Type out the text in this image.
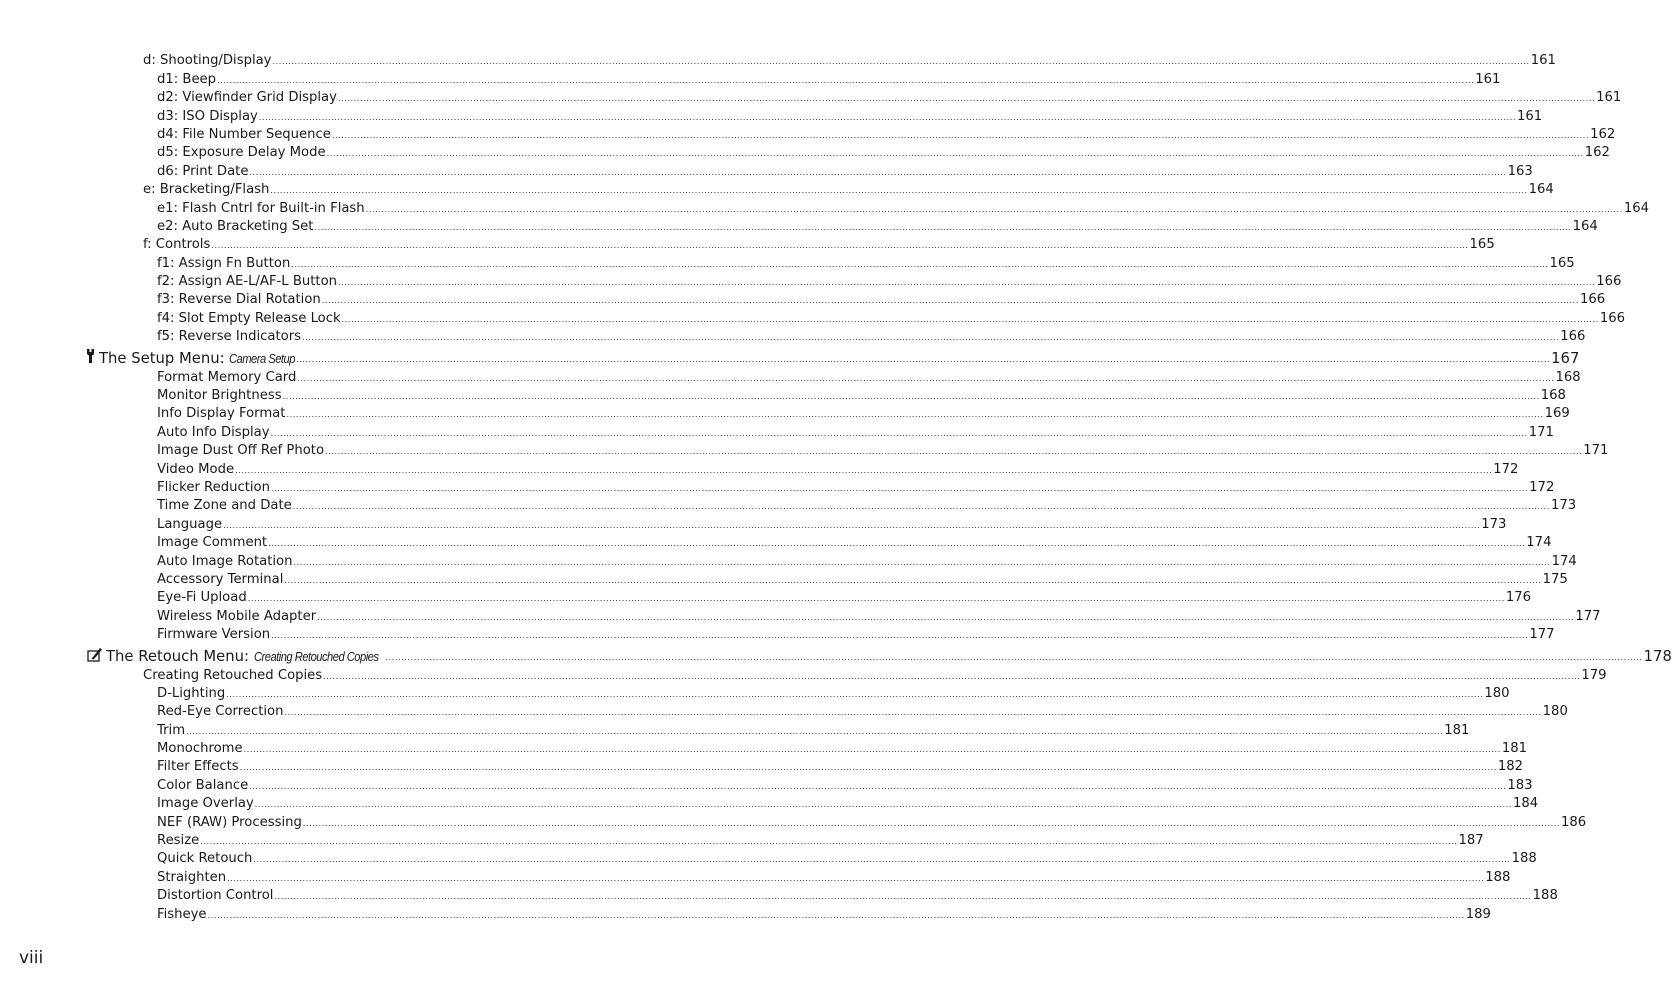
d: Shooting/Display ................................................................................................................................................................................................................................................................................................................................................................................................................ 161
d1: Beep ................................................................................................................................................................................................................................................................................................................................................................................................................ 161
d2: Viewfinder Grid Display ................................................................................................................................................................................................................................................................................................................................................................................................................ 161
d3: ISO Display ................................................................................................................................................................................................................................................................................................................................................................................................................ 161
d4: File Number Sequence ................................................................................................................................................................................................................................................................................................................................................................................................................ 162
d5: Exposure Delay Mode ................................................................................................................................................................................................................................................................................................................................................................................................................ 162
d6: Print Date ................................................................................................................................................................................................................................................................................................................................................................................................................ 163
e: Bracketing/Flash ................................................................................................................................................................................................................................................................................................................................................................................................................ 164
e1: Flash Cntrl for Built-in Flash ................................................................................................................................................................................................................................................................................................................................................................................................................ 164
e2: Auto Bracketing Set ................................................................................................................................................................................................................................................................................................................................................................................................................ 164
f: Controls ................................................................................................................................................................................................................................................................................................................................................................................................................ 165
f1: Assign Fn Button ................................................................................................................................................................................................................................................................................................................................................................................................................ 165
f2: Assign AE-L/AF-L Button ................................................................................................................................................................................................................................................................................................................................................................................................................ 166
f3: Reverse Dial Rotation ................................................................................................................................................................................................................................................................................................................................................................................................................ 166
f4: Slot Empty Release Lock ................................................................................................................................................................................................................................................................................................................................................................................................................ 166
f5: Reverse Indicators ................................................................................................................................................................................................................................................................................................................................................................................................................ 166
The Setup Menu: Camera Setup
................................................................................................................................................................................................................................................................................................................................................................................................................ 167
Format Memory Card ................................................................................................................................................................................................................................................................................................................................................................................................................ 168
Monitor Brightness ................................................................................................................................................................................................................................................................................................................................................................................................................ 168
Info Display Format ................................................................................................................................................................................................................................................................................................................................................................................................................ 169
Auto Info Display ................................................................................................................................................................................................................................................................................................................................................................................................................ 171
Image Dust Off Ref Photo ................................................................................................................................................................................................................................................................................................................................................................................................................ 171
Video Mode ................................................................................................................................................................................................................................................................................................................................................................................................................ 172
Flicker Reduction ................................................................................................................................................................................................................................................................................................................................................................................................................ 172
Time Zone and Date ................................................................................................................................................................................................................................................................................................................................................................................................................ 173
Language ................................................................................................................................................................................................................................................................................................................................................................................................................ 173
Image Comment ................................................................................................................................................................................................................................................................................................................................................................................................................ 174
Auto Image Rotation ................................................................................................................................................................................................................................................................................................................................................................................................................ 174
Accessory Terminal ................................................................................................................................................................................................................................................................................................................................................................................................................ 175
Eye-Fi Upload ................................................................................................................................................................................................................................................................................................................................................................................................................ 176
Wireless Mobile Adapter ................................................................................................................................................................................................................................................................................................................................................................................................................ 177
Firmware Version ................................................................................................................................................................................................................................................................................................................................................................................................................ 177
The Retouch Menu: Creating Retouched Copies ................................................................................................................................................................................................................................................................................................................................................................................................................ 178
Creating Retouched Copies ................................................................................................................................................................................................................................................................................................................................................................................................................ 179
D-Lighting ................................................................................................................................................................................................................................................................................................................................................................................................................ 180
Red-Eye Correction ................................................................................................................................................................................................................................................................................................................................................................................................................ 180
Trim ................................................................................................................................................................................................................................................................................................................................................................................................................ 181
Monochrome ................................................................................................................................................................................................................................................................................................................................................................................................................ 181
Filter Effects ................................................................................................................................................................................................................................................................................................................................................................................................................ 182
Color Balance ................................................................................................................................................................................................................................................................................................................................................................................................................ 183
Image Overlay ................................................................................................................................................................................................................................................................................................................................................................................................................ 184
NEF (RAW) Processing ................................................................................................................................................................................................................................................................................................................................................................................................................ 186
Resize ................................................................................................................................................................................................................................................................................................................................................................................................................ 187
Quick Retouch ................................................................................................................................................................................................................................................................................................................................................................................................................ 188
Straighten ................................................................................................................................................................................................................................................................................................................................................................................................................ 188
Distortion Control ................................................................................................................................................................................................................................................................................................................................................................................................................ 188
Fisheye ................................................................................................................................................................................................................................................................................................................................................................................................................ 189
viii
